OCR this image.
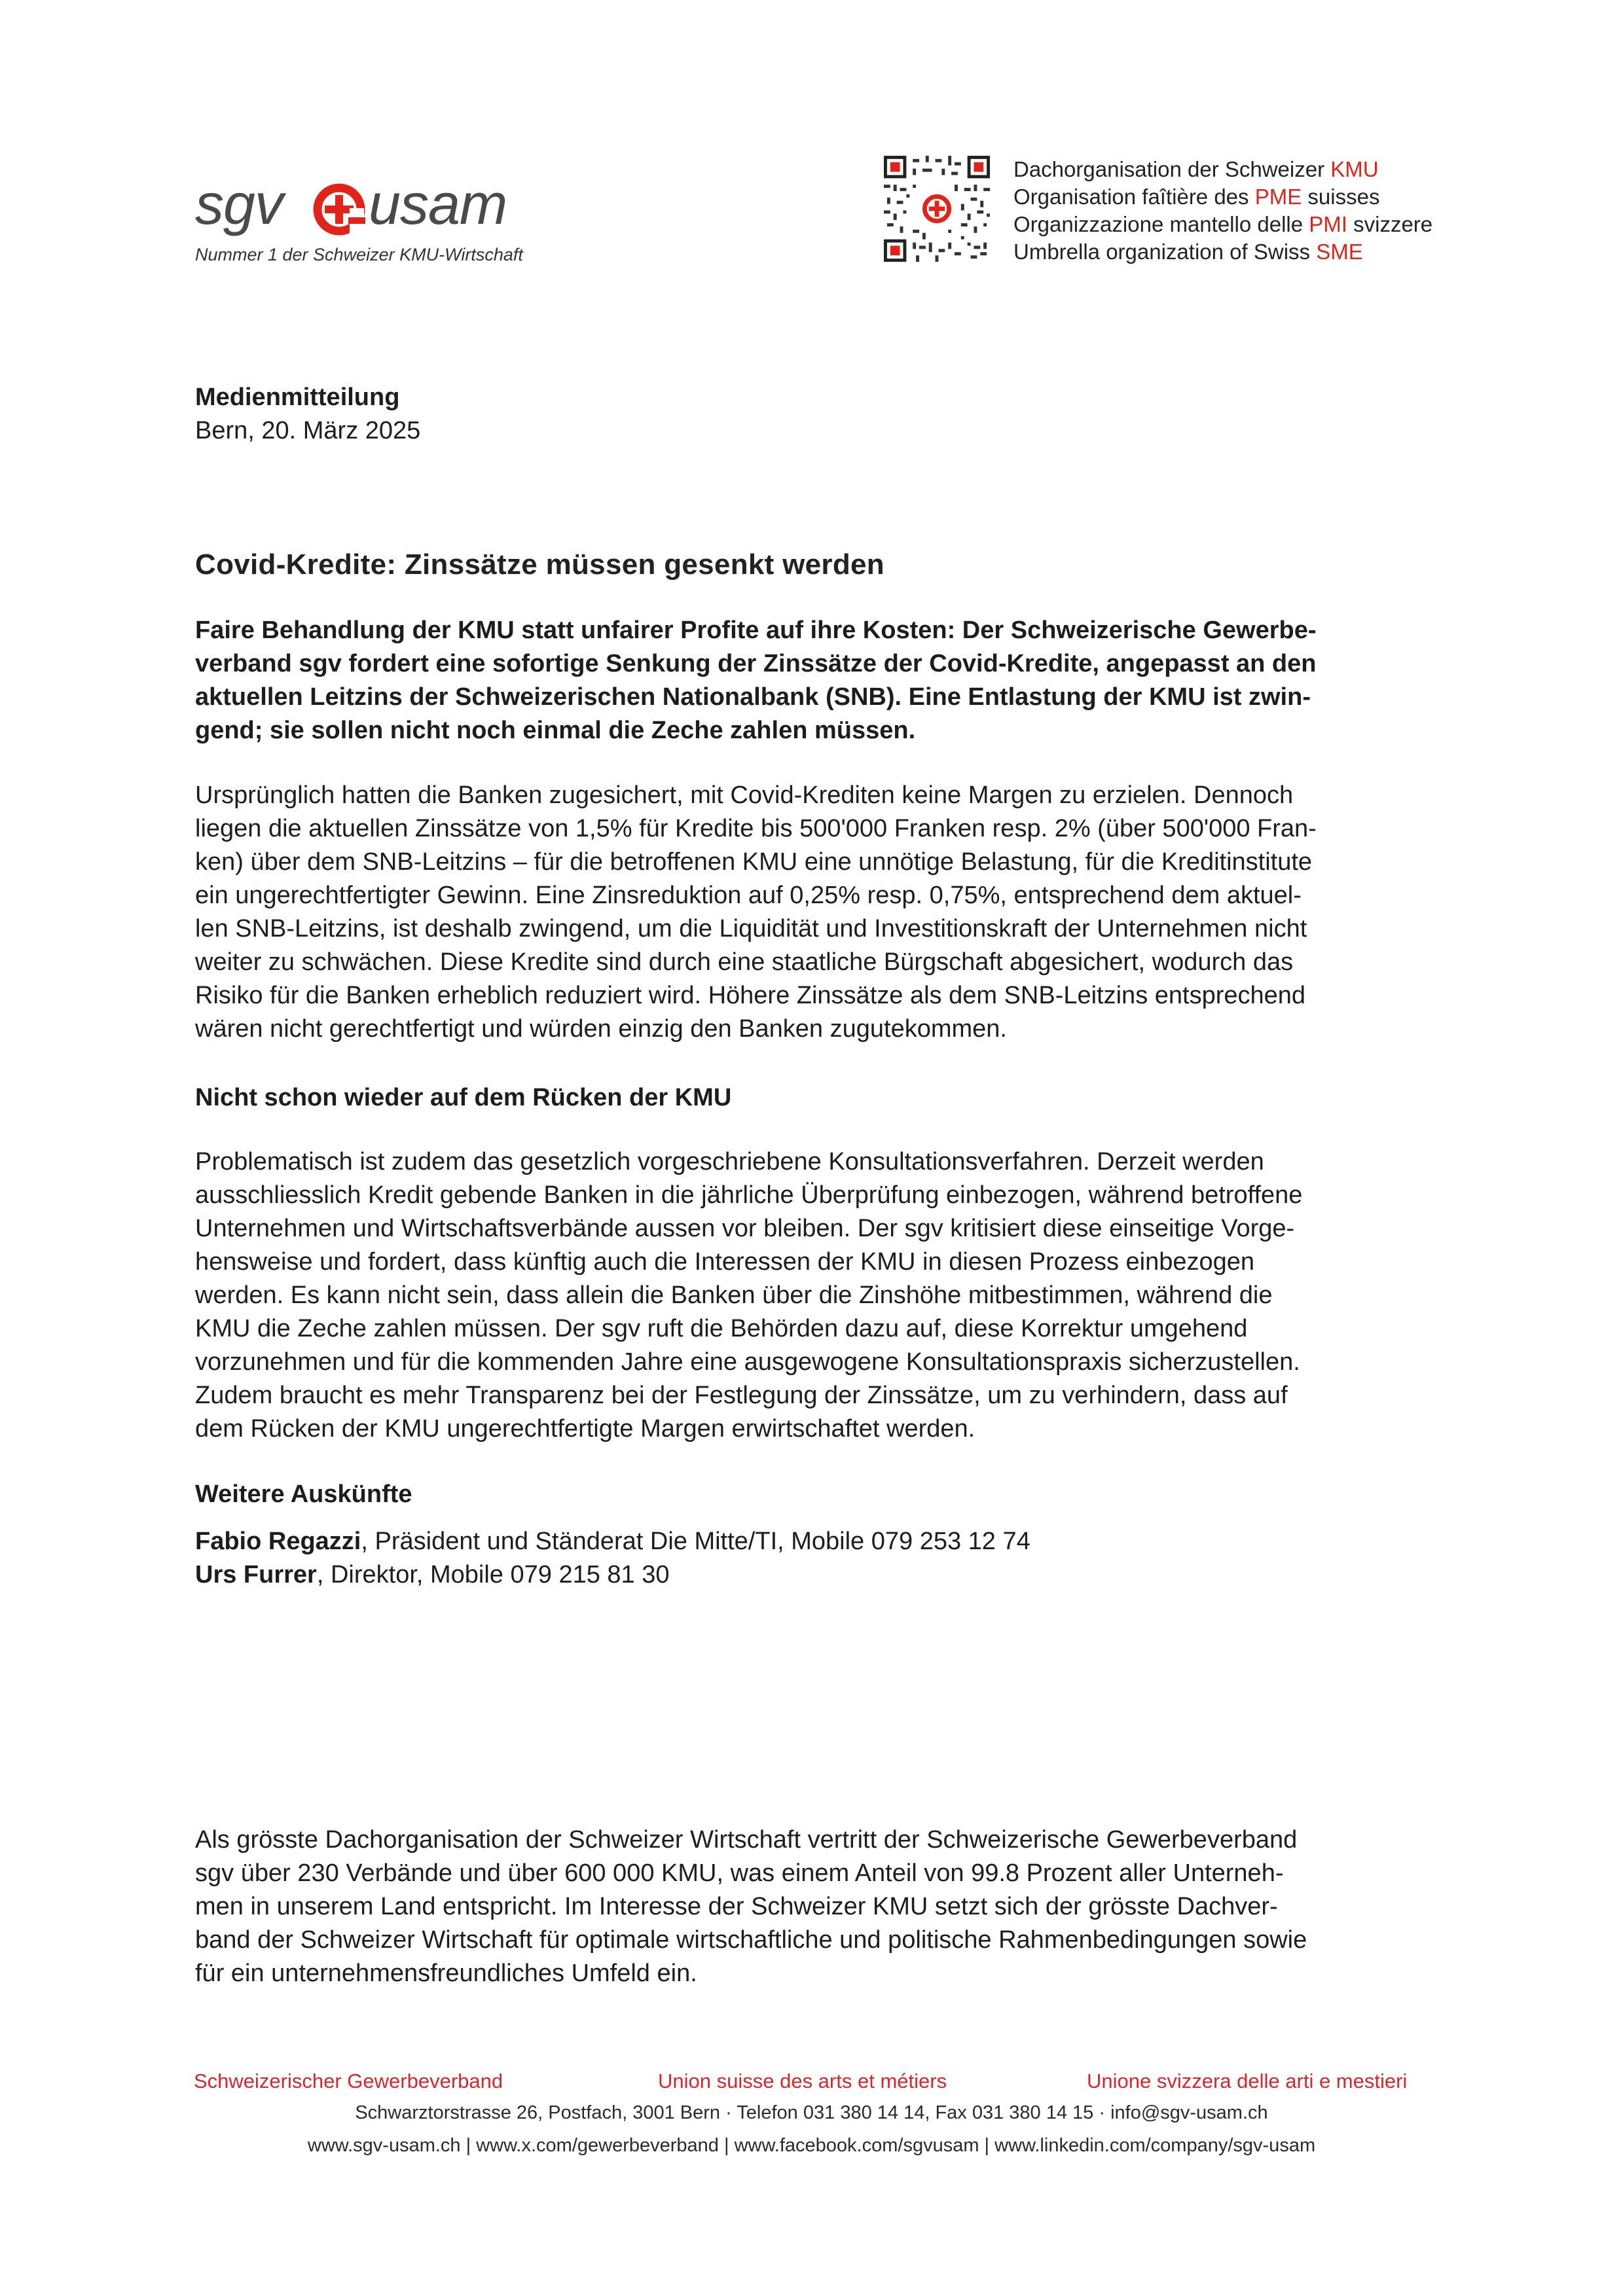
sgv usam
Nummer 1 der Schweizer KMU-Wirtschaft
Dachorganisation der Schweizer KMU
Organisation faîtière des PME suisses
Organizzazione mantello delle PMI svizzere
Umbrella organization of Swiss SME
Medienmitteilung
Bern, 20. März 2025
Covid-Kredite: Zinssätze müssen gesenkt werden
Faire Behandlung der KMU statt unfairer Profite auf ihre Kosten: Der Schweizerische Gewerbe-
verband sgv fordert eine sofortige Senkung der Zinssätze der Covid-Kredite, angepasst an den
aktuellen Leitzins der Schweizerischen Nationalbank (SNB). Eine Entlastung der KMU ist zwin-
gend; sie sollen nicht noch einmal die Zeche zahlen müssen.
Ursprünglich hatten die Banken zugesichert, mit Covid-Krediten keine Margen zu erzielen. Dennoch
liegen die aktuellen Zinssätze von 1,5% für Kredite bis 500'000 Franken resp. 2% (über 500'000 Fran-
ken) über dem SNB-Leitzins – für die betroffenen KMU eine unnötige Belastung, für die Kreditinstitute
ein ungerechtfertigter Gewinn. Eine Zinsreduktion auf 0,25% resp. 0,75%, entsprechend dem aktuel-
len SNB-Leitzins, ist deshalb zwingend, um die Liquidität und Investitionskraft der Unternehmen nicht
weiter zu schwächen. Diese Kredite sind durch eine staatliche Bürgschaft abgesichert, wodurch das
Risiko für die Banken erheblich reduziert wird. Höhere Zinssätze als dem SNB-Leitzins entsprechend
wären nicht gerechtfertigt und würden einzig den Banken zugutekommen.
Nicht schon wieder auf dem Rücken der KMU
Problematisch ist zudem das gesetzlich vorgeschriebene Konsultationsverfahren. Derzeit werden
ausschliesslich Kredit gebende Banken in die jährliche Überprüfung einbezogen, während betroffene
Unternehmen und Wirtschaftsverbände aussen vor bleiben. Der sgv kritisiert diese einseitige Vorge-
hensweise und fordert, dass künftig auch die Interessen der KMU in diesen Prozess einbezogen
werden. Es kann nicht sein, dass allein die Banken über die Zinshöhe mitbestimmen, während die
KMU die Zeche zahlen müssen. Der sgv ruft die Behörden dazu auf, diese Korrektur umgehend
vorzunehmen und für die kommenden Jahre eine ausgewogene Konsultationspraxis sicherzustellen.
Zudem braucht es mehr Transparenz bei der Festlegung der Zinssätze, um zu verhindern, dass auf
dem Rücken der KMU ungerechtfertigte Margen erwirtschaftet werden.
Weitere Auskünfte
Fabio Regazzi, Präsident und Ständerat Die Mitte/TI, Mobile 079 253 12 74
Urs Furrer, Direktor, Mobile 079 215 81 30
Als grösste Dachorganisation der Schweizer Wirtschaft vertritt der Schweizerische Gewerbeverband
sgv über 230 Verbände und über 600 000 KMU, was einem Anteil von 99.8 Prozent aller Unterneh-
men in unserem Land entspricht. Im Interesse der Schweizer KMU setzt sich der grösste Dachver-
band der Schweizer Wirtschaft für optimale wirtschaftliche und politische Rahmenbedingungen sowie
für ein unternehmensfreundliches Umfeld ein.
Schweizerischer Gewerbeverband	Union suisse des arts et métiers	Unione svizzera delle arti e mestieri
Schwarztorstrasse 26, Postfach, 3001 Bern · Telefon 031 380 14 14, Fax 031 380 14 15 · info@sgv-usam.ch
www.sgv-usam.ch | www.x.com/gewerbeverband | www.facebook.com/sgvusam | www.linkedin.com/company/sgv-usam
